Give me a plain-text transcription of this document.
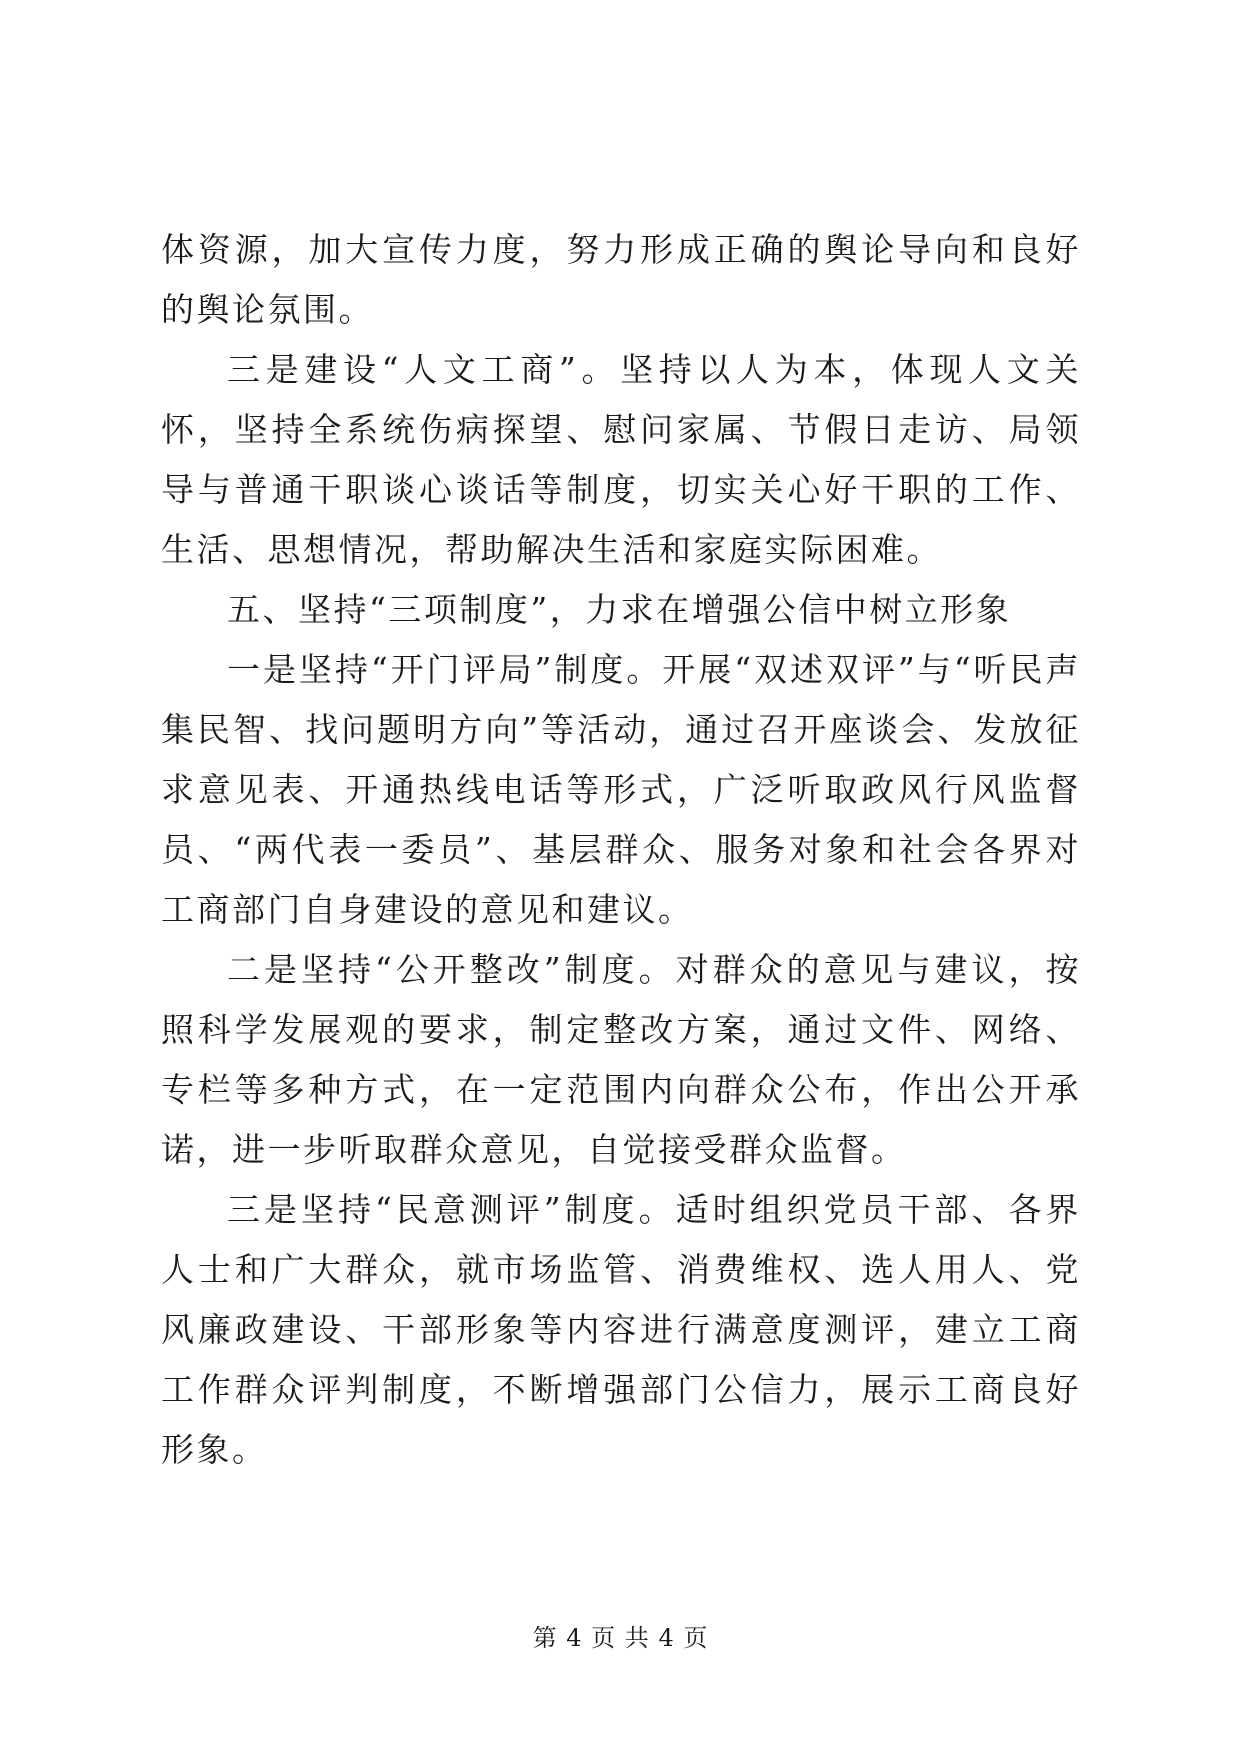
体资源，加大宣传力度，努力形成正确的舆论导向和良好的舆论氛围。

三是建设“人文工商”。坚持以人为本，体现人文关怀，坚持全系统伤病探望、慰问家属、节假日走访、局领导与普通干职谈心谈话等制度，切实关心好干职的工作、生活、思想情况，帮助解决生活和家庭实际困难。

五、坚持“三项制度”，力求在增强公信中树立形象

一是坚持“开门评局”制度。开展“双述双评”与“听民声集民智、找问题明方向”等活动，通过召开座谈会、发放征求意见表、开通热线电话等形式，广泛听取政风行风监督员、“两代表一委员”、基层群众、服务对象和社会各界对工商部门自身建设的意见和建议。

二是坚持“公开整改”制度。对群众的意见与建议，按照科学发展观的要求，制定整改方案，通过文件、网络、专栏等多种方式，在一定范围内向群众公布，作出公开承诺，进一步听取群众意见，自觉接受群众监督。

三是坚持“民意测评”制度。适时组织党员干部、各界人士和广大群众，就市场监管、消费维权、选人用人、党风廉政建设、干部形象等内容进行满意度测评，建立工商工作群众评判制度，不断增强部门公信力，展示工商良好形象。

第 4 页 共 4 页
